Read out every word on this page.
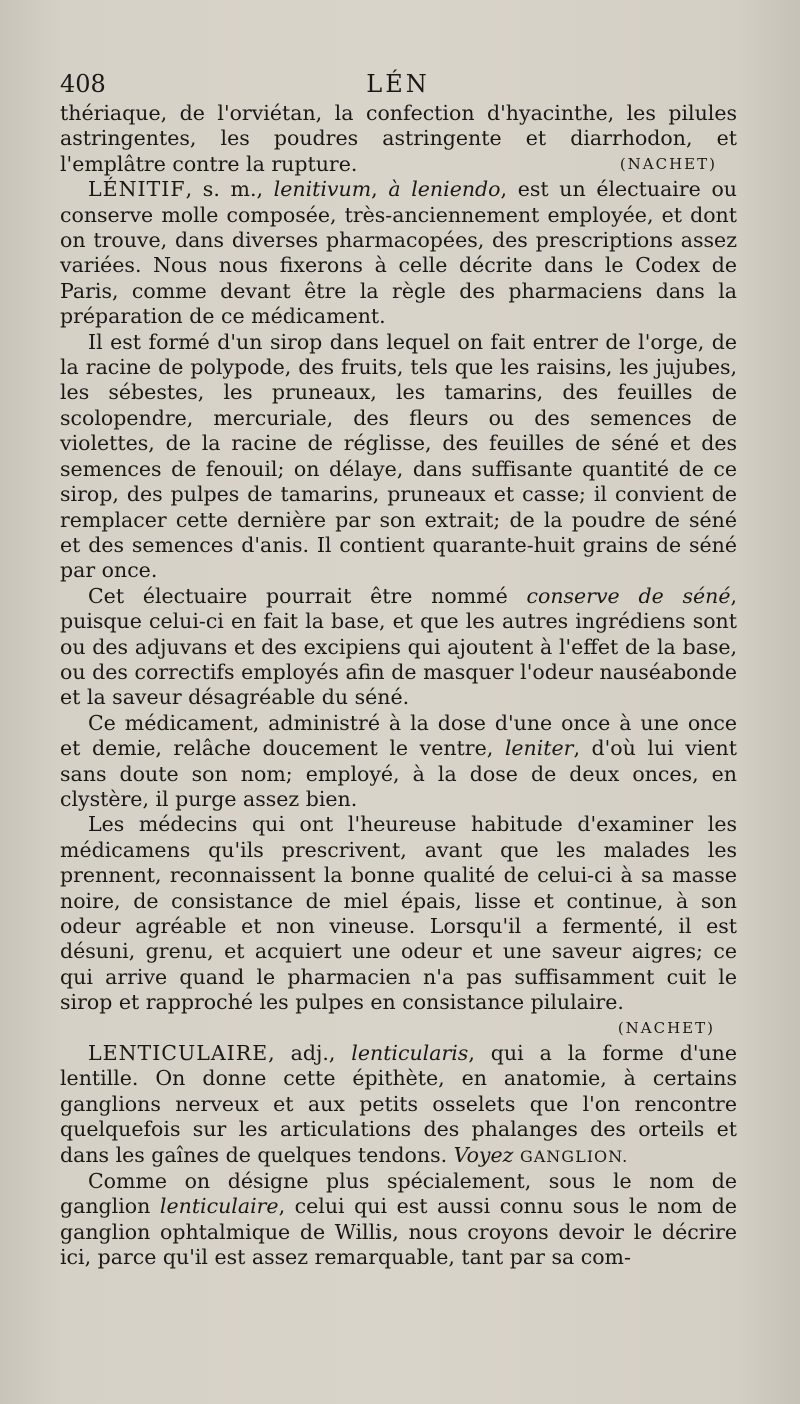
408	LÉN

thériaque, de l'orviétan, la confection d'hyacinthe, les pilules astringentes, les poudres astringente et diarrhodon, et l'emplâtre contre la rupture.	(NACHET)

LÉNITIF, s. m., lenitivum, à leniendo, est un électuaire ou conserve molle composée, très-anciennement employée, et dont on trouve, dans diverses pharmacopées, des prescriptions assez variées. Nous nous fixerons à celle décrite dans le Codex de Paris, comme devant être la règle des pharmaciens dans la préparation de ce médicament.

Il est formé d'un sirop dans lequel on fait entrer de l'orge, de la racine de polypode, des fruits, tels que les raisins, les jujubes, les sébestes, les pruneaux, les tamarins, des feuilles de scolopendre, mercuriale, des fleurs ou des semences de violettes, de la racine de réglisse, des feuilles de séné et des semences de fenouil; on délaye, dans suffisante quantité de ce sirop, des pulpes de tamarins, pruneaux et casse; il convient de remplacer cette dernière par son extrait; de la poudre de séné et des semences d'anis. Il contient quarante-huit grains de séné par once.

Cet électuaire pourrait être nommé conserve de séné, puisque celui-ci en fait la base, et que les autres ingrédiens sont ou des adjuvans et des excipiens qui ajoutent à l'effet de la base, ou des correctifs employés afin de masquer l'odeur nauséabonde et la saveur désagréable du séné.

Ce médicament, administré à la dose d'une once à une once et demie, relâche doucement le ventre, leniter, d'où lui vient sans doute son nom; employé, à la dose de deux onces, en clystère, il purge assez bien.

Les médecins qui ont l'heureuse habitude d'examiner les médicamens qu'ils prescrivent, avant que les malades les prennent, reconnaissent la bonne qualité de celui-ci à sa masse noire, de consistance de miel épais, lisse et continue, à son odeur agréable et non vineuse. Lorsqu'il a fermenté, il est désuni, grenu, et acquiert une odeur et une saveur aigres; ce qui arrive quand le pharmacien n'a pas suffisamment cuit le sirop et rapproché les pulpes en consistance pilulaire.

(NACHET)

LENTICULAIRE, adj., lenticularis, qui a la forme d'une lentille. On donne cette épithète, en anatomie, à certains ganglions nerveux et aux petits osselets que l'on rencontre quelquefois sur les articulations des phalanges des orteils et dans les gaînes de quelques tendons. Voyez GANGLION.

Comme on désigne plus spécialement, sous le nom de ganglion lenticulaire, celui qui est aussi connu sous le nom de ganglion ophtalmique de Willis, nous croyons devoir le décrire ici, parce qu'il est assez remarquable, tant par sa com-
